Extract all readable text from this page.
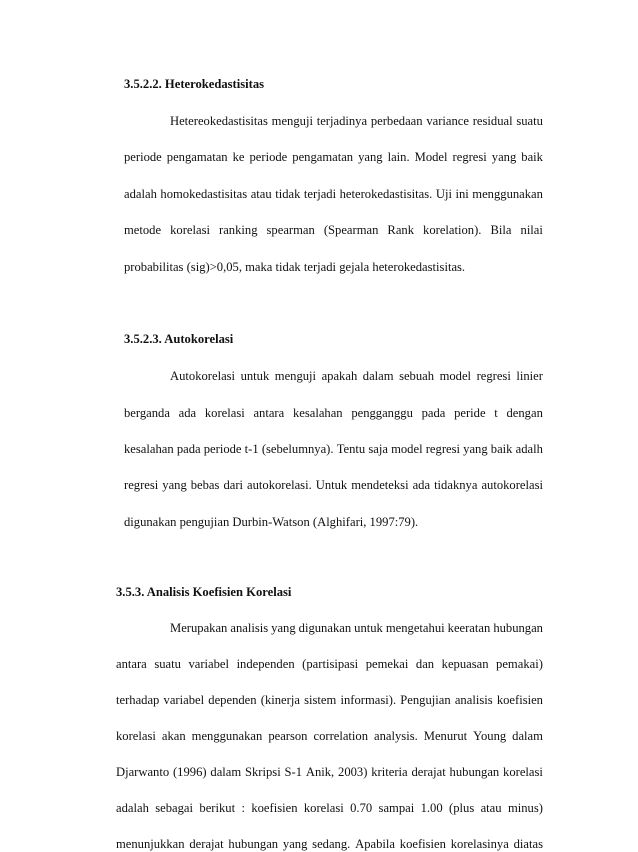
3.5.2.2. Heterokedastisitas
Hetereokedastisitas menguji terjadinya perbedaan variance residual suatu
periode pengamatan ke periode pengamatan yang lain. Model regresi yang baik
adalah homokedastisitas atau tidak terjadi heterokedastisitas. Uji ini menggunakan
metode korelasi ranking spearman (Spearman Rank korelation). Bila nilai
probabilitas (sig)>0,05, maka tidak terjadi gejala heterokedastisitas.
3.5.2.3. Autokorelasi
Autokorelasi untuk menguji apakah dalam sebuah model regresi linier
berganda ada korelasi antara kesalahan pengganggu pada peride t dengan
kesalahan pada periode t-1 (sebelumnya). Tentu saja model regresi yang baik adalh
regresi yang bebas dari autokorelasi. Untuk mendeteksi ada tidaknya autokorelasi
digunakan pengujian Durbin-Watson (Alghifari, 1997:79).
3.5.3. Analisis Koefisien Korelasi
Merupakan analisis yang digunakan untuk mengetahui keeratan hubungan
antara suatu variabel independen (partisipasi pemekai dan kepuasan pemakai)
terhadap variabel dependen (kinerja sistem informasi). Pengujian analisis koefisien
korelasi akan menggunakan pearson correlation analysis. Menurut Young dalam
Djarwanto (1996) dalam Skripsi S-1 Anik, 2003) kriteria derajat hubungan korelasi
adalah sebagai berikut : koefisien korelasi 0.70 sampai 1.00 (plus atau minus)
menunjukkan derajat hubungan yang sedang. Apabila koefisien korelasinya diatas
